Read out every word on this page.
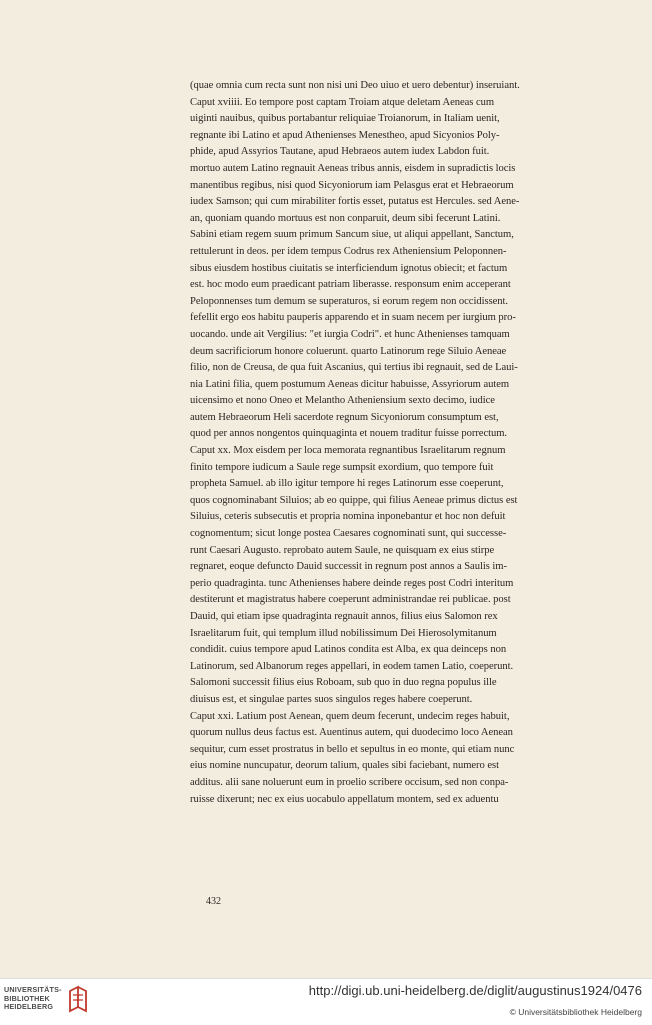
(quae omnia cum recta sunt non nisi uni Deo uiuo et uero debentur) inseruiant.
Caput xviiii. Eo tempore post captam Troiam atque deletam Aeneas cum
uiginti nauibus, quibus portabantur reliquiae Troianorum, in Italiam uenit,
regnante ibi Latino et apud Athenienses Menestheo, apud Sicyonios Poly-
phide, apud Assyrios Tautane, apud Hebraeos autem iudex Labdon fuit.
mortuo autem Latino regnauit Aeneas tribus annis, eisdem in supradictis locis
manentibus regibus, nisi quod Sicyoniorum iam Pelasgus erat et Hebraeorum
iudex Samson; qui cum mirabiliter fortis esset, putatus est Hercules. sed Aene-
an, quoniam quando mortuus est non conparuit, deum sibi fecerunt Latini.
Sabini etiam regem suum primum Sancum siue, ut aliqui appellant, Sanctum,
rettulerunt in deos. per idem tempus Codrus rex Atheniensium Peloponnen-
sibus eiusdem hostibus ciuitatis se interficiendum ignotus obiecit; et factum
est. hoc modo eum praedicant patriam liberasse. responsum enim acceperant
Peloponnenses tum demum se superaturos, si eorum regem non occidissent.
fefellit ergo eos habitu pauperis apparendo et in suam necem per iurgium pro-
uocando. unde ait Vergilius: "et iurgia Codri". et hunc Athenienses tamquam
deum sacrificiorum honore coluerunt. quarto Latinorum rege Siluio Aeneae
filio, non de Creusa, de qua fuit Ascanius, qui tertius ibi regnauit, sed de Laui-
nia Latini filia, quem postumum Aeneas dicitur habuisse, Assyriorum autem
uicensimo et nono Oneo et Melantho Atheniensium sexto decimo, iudice
autem Hebraeorum Heli sacerdote regnum Sicyoniorum consumptum est,
quod per annos nongentos quinquaginta et nouem traditur fuisse porrectum.
Caput xx. Mox eisdem per loca memorata regnantibus Israelitarum regnum
finito tempore iudicum a Saule rege sumpsit exordium, quo tempore fuit
propheta Samuel. ab illo igitur tempore hi reges Latinorum esse coeperunt,
quos cognominabant Siluios; ab eo quippe, qui filius Aeneae primus dictus est
Siluius, ceteris subsecutis et propria nomina inponebantur et hoc non defuit
cognomentum; sicut longe postea Caesares cognominati sunt, qui successe-
runt Caesari Augusto. reprobato autem Saule, ne quisquam ex eius stirpe
regnaret, eoque defuncto Dauid successit in regnum post annos a Saulis im-
perio quadraginta. tunc Athenienses habere deinde reges post Codri interitum
destiterunt et magistratus habere coeperunt administrandae rei publicae. post
Dauid, qui etiam ipse quadraginta regnauit annos, filius eius Salomon rex
Israelitarum fuit, qui templum illud nobilissimum Dei Hierosolymitanum
condidit. cuius tempore apud Latinos condita est Alba, ex qua deinceps non
Latinorum, sed Albanorum reges appellari, in eodem tamen Latio, coeperunt.
Salomoni successit filius eius Roboam, sub quo in duo regna populus ille
diuisus est, et singulae partes suos singulos reges habere coeperunt.
Caput xxi. Latium post Aenean, quem deum fecerunt, undecim reges habuit,
quorum nullus deus factus est. Auentinus autem, qui duodecimo loco Aenean
sequitur, cum esset prostratus in bello et sepultus in eo monte, qui etiam nunc
eius nomine nuncupatur, deorum talium, quales sibi faciebant, numero est
additus. alii sane noluerunt eum in proelio scribere occisum, sed non conpa-
ruisse dixerunt; nec ex eius uocabulo appellatum montem, sed ex aduentu
432
UNIVERSITÄTS-
BIBLIOTHEK
HEIDELBERG
http://digi.ub.uni-heidelberg.de/diglit/augustinus1924/0476
© Universitätsbibliothek Heidelberg
